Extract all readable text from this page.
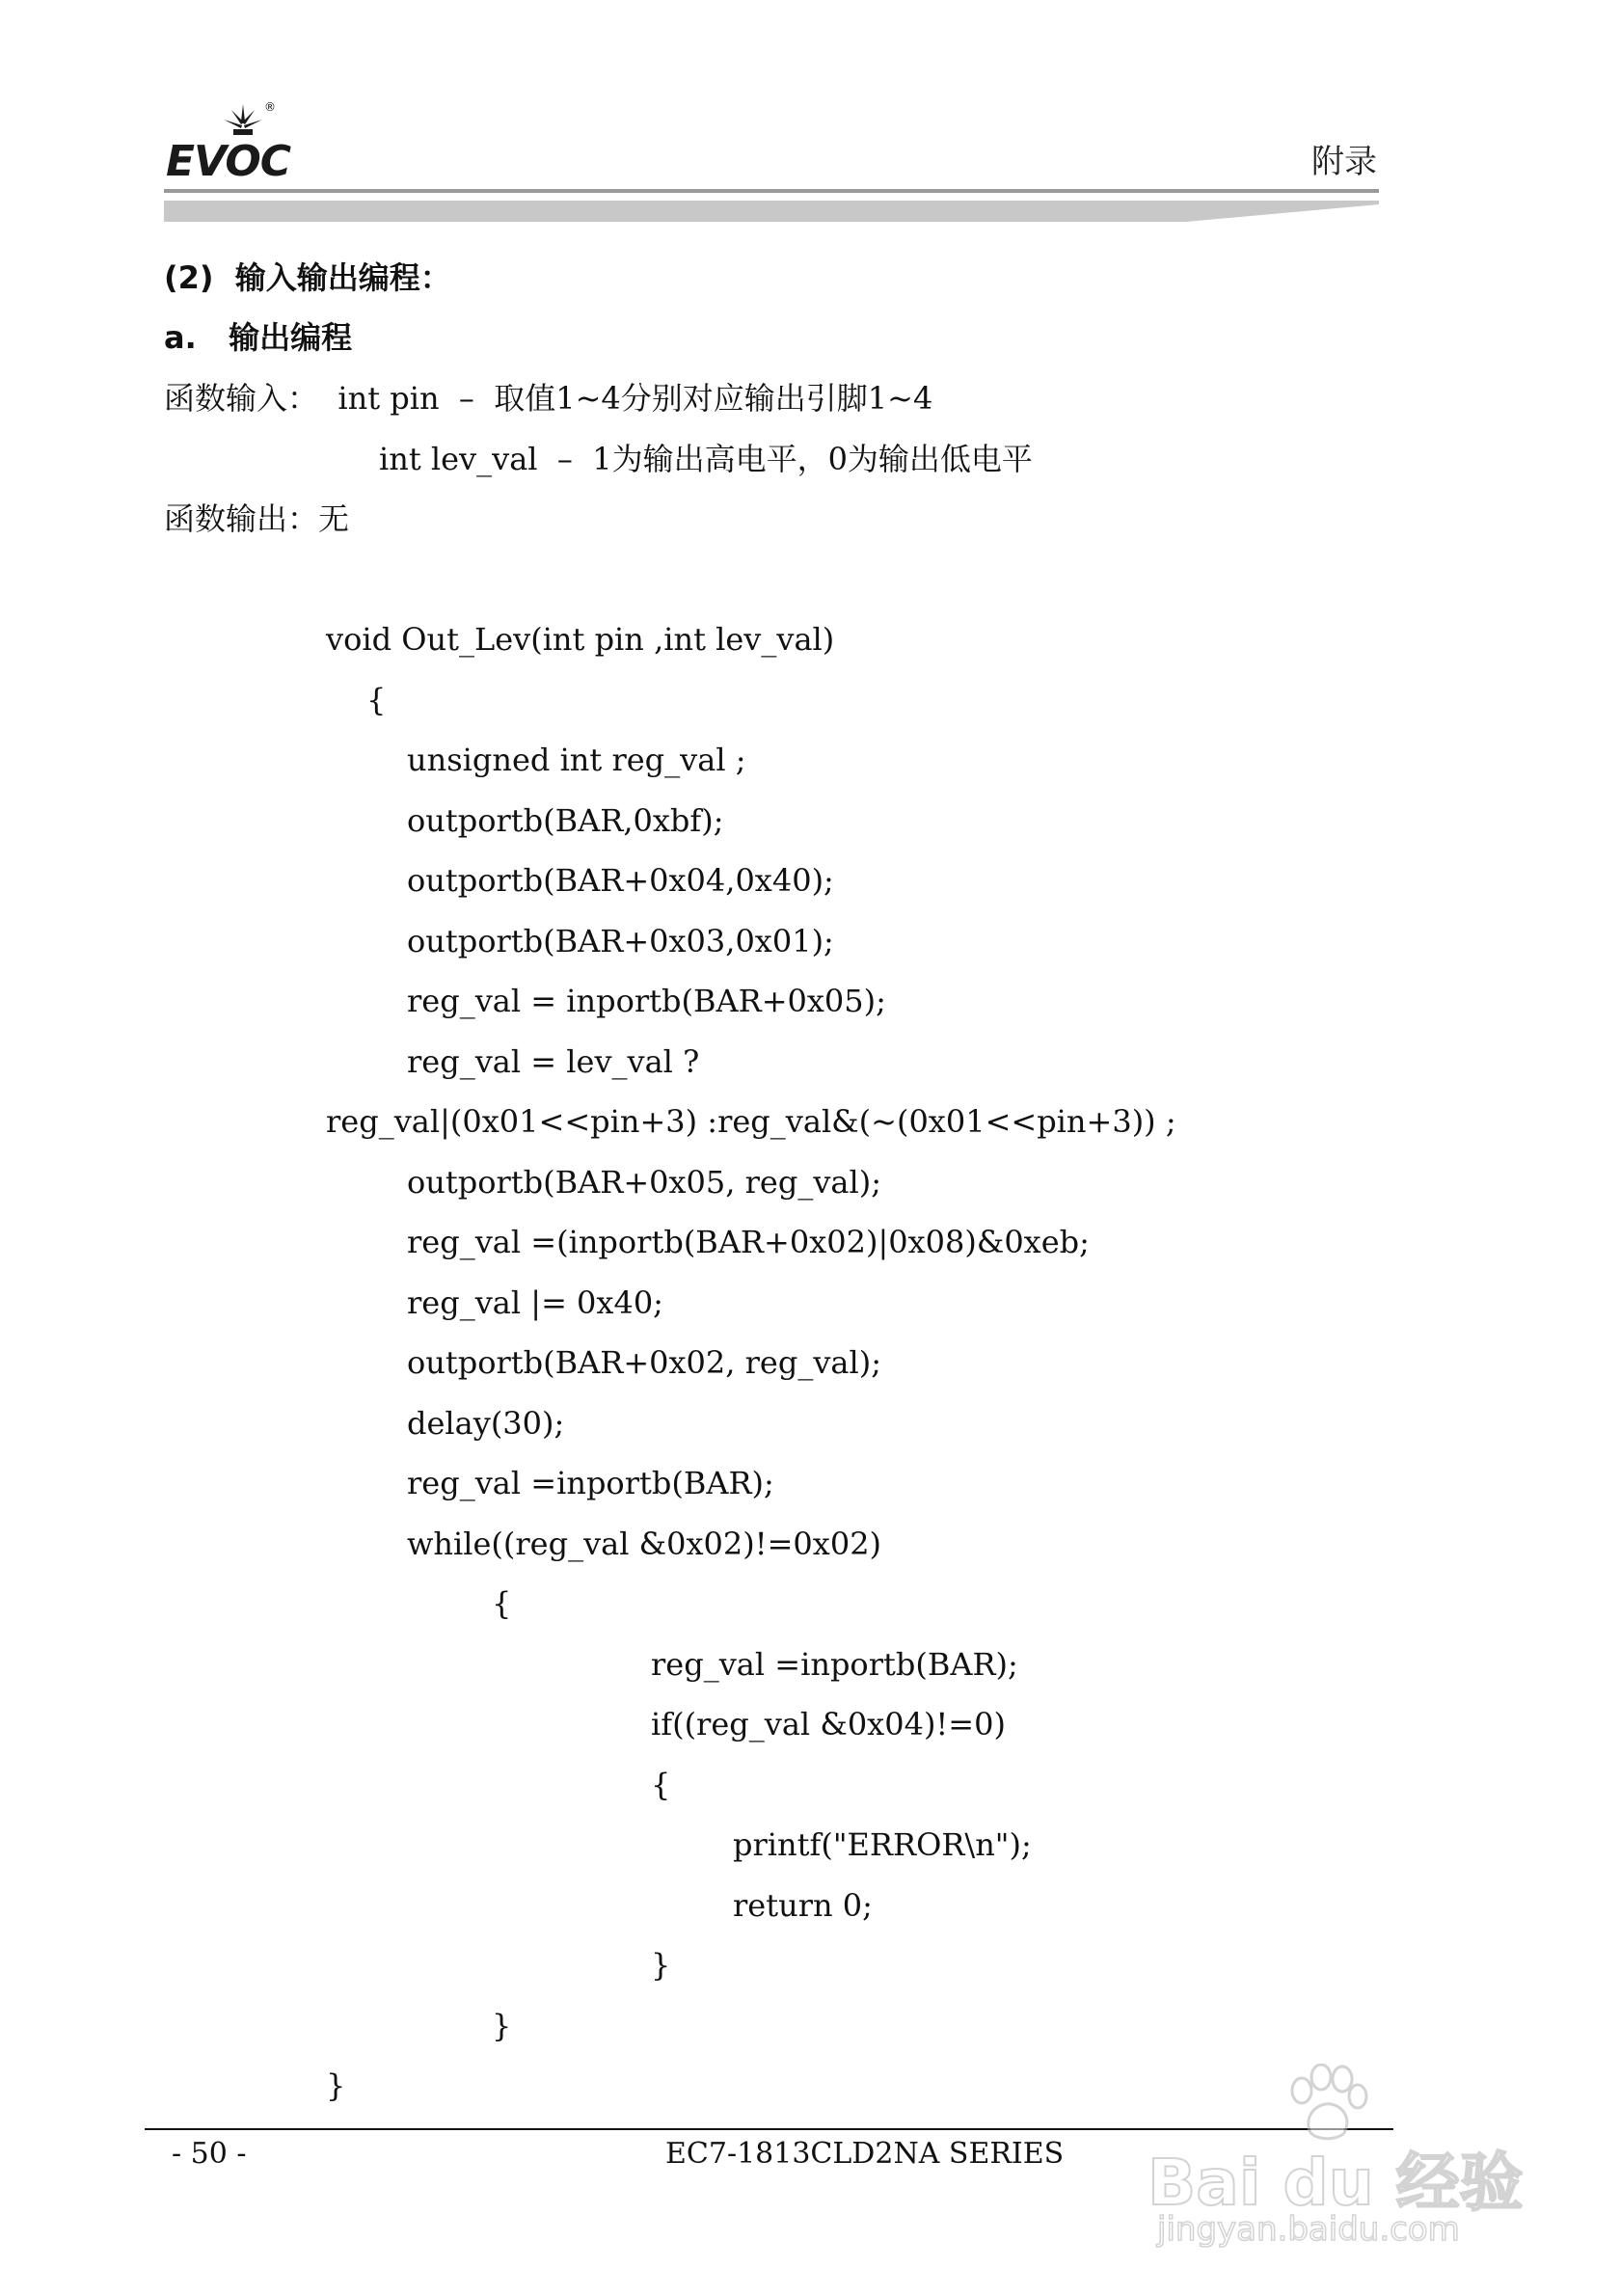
®
EVOC	附录
(2)  输入输出编程：
a.   输出编程
函数输入：  int pin  –  取值1~4分别对应输出引脚1~4
int lev_val  –  1为输出高电平，0为输出低电平
函数输出：无
void Out_Lev(int pin ,int lev_val)
{
unsigned int reg_val ;
outportb(BAR,0xbf);
outportb(BAR+0x04,0x40);
outportb(BAR+0x03,0x01);
reg_val = inportb(BAR+0x05);
reg_val = lev_val ?
reg_val|(0x01<<pin+3) :reg_val&(~(0x01<<pin+3)) ;
outportb(BAR+0x05, reg_val);
reg_val =(inportb(BAR+0x02)|0x08)&0xeb;
reg_val |= 0x40;
outportb(BAR+0x02, reg_val);
delay(30);
reg_val =inportb(BAR);
while((reg_val &0x02)!=0x02)
{
reg_val =inportb(BAR);
if((reg_val &0x04)!=0)
{
printf("ERROR\n");
return 0;
}
}
}
- 50 -	EC7-1813CLD2NA SERIES Bai du 经验
jingyan.baidu.com
